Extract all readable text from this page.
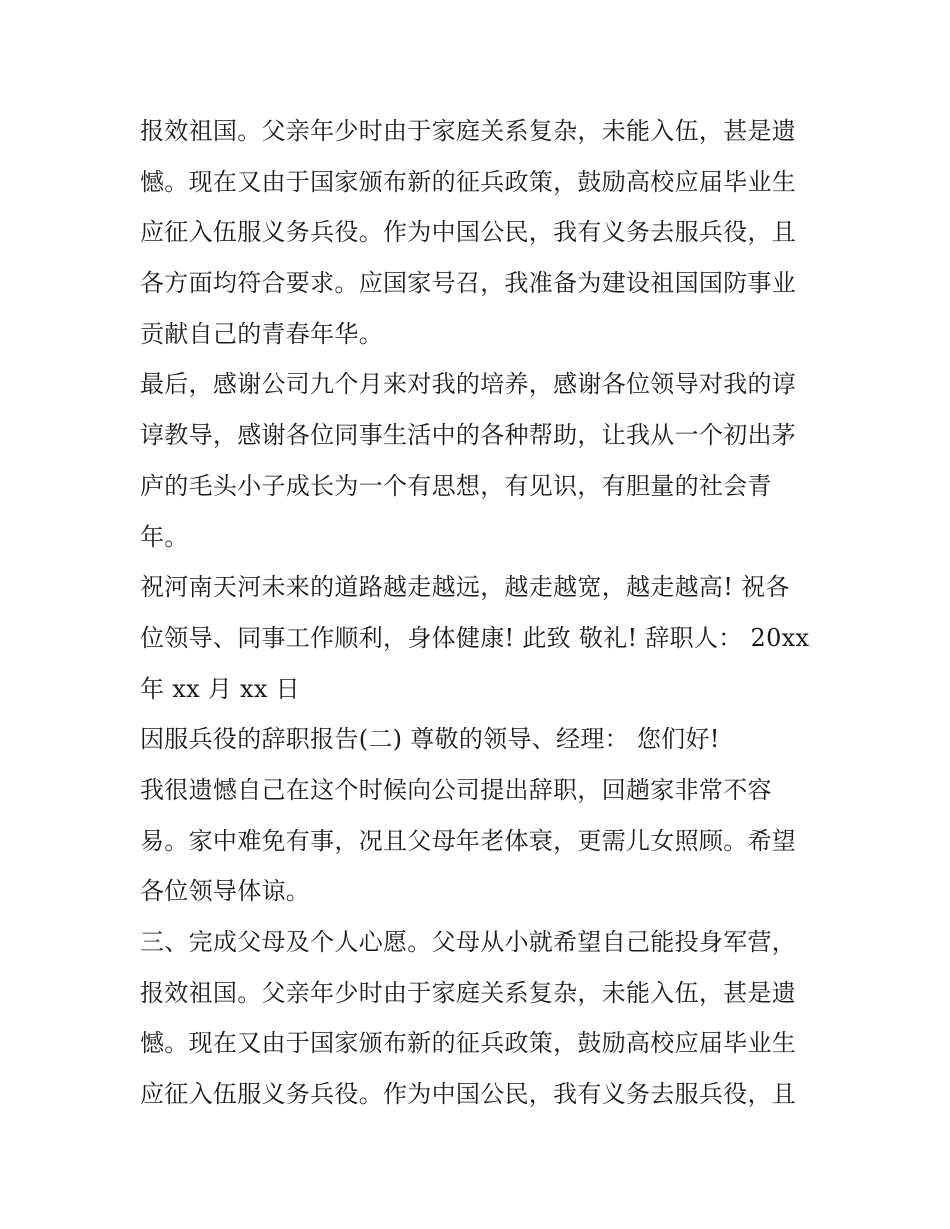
报效祖国。父亲年少时由于家庭关系复杂，未能入伍，甚是遗
憾。现在又由于国家颁布新的征兵政策，鼓励高校应届毕业生
应征入伍服义务兵役。作为中国公民，我有义务去服兵役，且
各方面均符合要求。应国家号召，我准备为建设祖国国防事业
贡献自己的青春年华。
最后，感谢公司九个月来对我的培养，感谢各位领导对我的谆
谆教导，感谢各位同事生活中的各种帮助，让我从一个初出茅
庐的毛头小子成长为一个有思想，有见识，有胆量的社会青
年。
祝河南天河未来的道路越走越远，越走越宽，越走越高! 祝各
位领导、同事工作顺利，身体健康! 此致 敬礼! 辞职人： 20xx
年 xx 月 xx 日
因服兵役的辞职报告(二) 尊敬的领导、经理： 您们好!
我很遗憾自己在这个时候向公司提出辞职，回趟家非常不容
易。家中难免有事，况且父母年老体衰，更需儿女照顾。希望
各位领导体谅。
三、完成父母及个人心愿。父母从小就希望自己能投身军营，
报效祖国。父亲年少时由于家庭关系复杂，未能入伍，甚是遗
憾。现在又由于国家颁布新的征兵政策，鼓励高校应届毕业生
应征入伍服义务兵役。作为中国公民，我有义务去服兵役，且
